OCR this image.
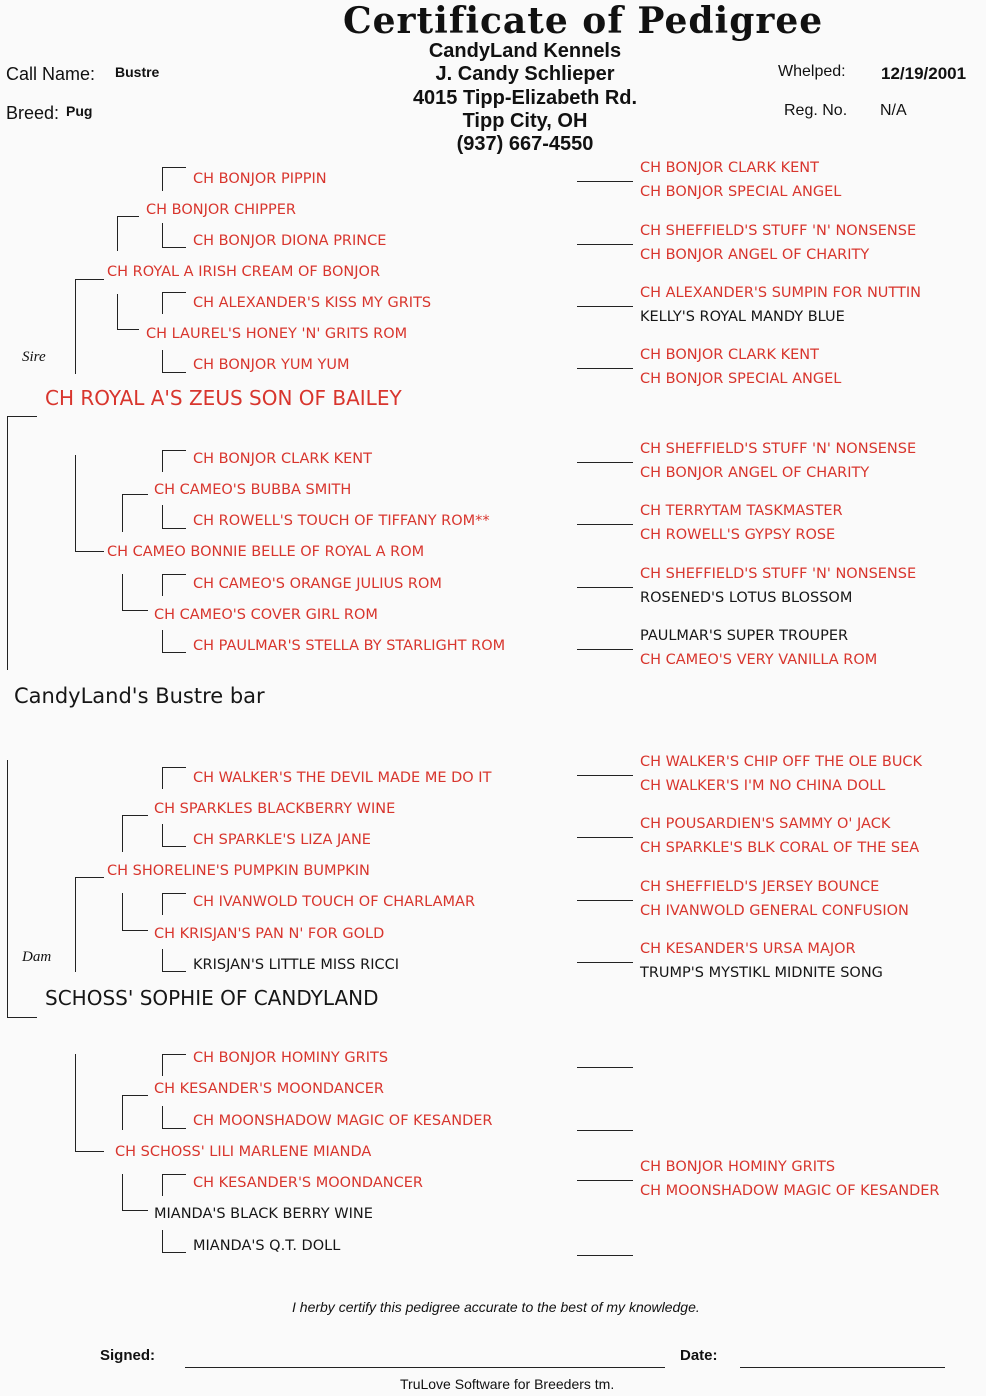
Certificate of Pedigree
CandyLand Kennels
J. Candy Schlieper
4015 Tipp-Elizabeth Rd.
Tipp City, OH
(937) 667-4550
Call Name: Bustre
Breed: Pug
Whelped: 12/19/2001
Reg. No. N/A
Sire
Dam
CH ROYAL A'S ZEUS SON OF BAILEY
CandyLand's Bustre bar
SCHOSS' SOPHIE OF CANDYLAND
CH BONJOR PIPPIN
CH BONJOR CHIPPER
CH BONJOR DIONA PRINCE
CH ROYAL A IRISH CREAM OF BONJOR
CH ALEXANDER'S KISS MY GRITS
CH LAUREL'S HONEY 'N' GRITS ROM
CH BONJOR YUM YUM
CH BONJOR CLARK KENT
CH CAMEO'S BUBBA SMITH
CH ROWELL'S TOUCH OF TIFFANY ROM**
CH CAMEO BONNIE BELLE OF ROYAL A ROM
CH CAMEO'S ORANGE JULIUS ROM
CH CAMEO'S COVER GIRL ROM
CH PAULMAR'S STELLA BY STARLIGHT ROM
CH WALKER'S THE DEVIL MADE ME DO IT
CH SPARKLES BLACKBERRY WINE
CH SPARKLE'S LIZA JANE
CH SHORELINE'S PUMPKIN BUMPKIN
CH IVANWOLD TOUCH OF CHARLAMAR
CH KRISJAN'S PAN N' FOR GOLD
KRISJAN'S LITTLE MISS RICCI
CH BONJOR HOMINY GRITS
CH KESANDER'S MOONDANCER
CH MOONSHADOW MAGIC OF KESANDER
CH SCHOSS' LILI MARLENE MIANDA
CH KESANDER'S MOONDANCER
MIANDA'S BLACK BERRY WINE
MIANDA'S Q.T. DOLL
CH BONJOR CLARK KENT
CH BONJOR SPECIAL ANGEL
CH SHEFFIELD'S STUFF 'N' NONSENSE
CH BONJOR ANGEL OF CHARITY
CH ALEXANDER'S SUMPIN FOR NUTTIN
KELLY'S ROYAL MANDY BLUE
CH BONJOR CLARK KENT
CH BONJOR SPECIAL ANGEL
CH SHEFFIELD'S STUFF 'N' NONSENSE
CH BONJOR ANGEL OF CHARITY
CH TERRYTAM TASKMASTER
CH ROWELL'S GYPSY ROSE
CH SHEFFIELD'S STUFF 'N' NONSENSE
ROSENED'S LOTUS BLOSSOM
PAULMAR'S SUPER TROUPER
CH CAMEO'S VERY VANILLA ROM
CH WALKER'S CHIP OFF THE OLE BUCK
CH WALKER'S I'M NO CHINA DOLL
CH POUSARDIEN'S SAMMY O' JACK
CH SPARKLE'S BLK CORAL OF THE SEA
CH SHEFFIELD'S JERSEY BOUNCE
CH IVANWOLD GENERAL CONFUSION
CH KESANDER'S URSA MAJOR
TRUMP'S MYSTIKL MIDNITE SONG
CH BONJOR HOMINY GRITS
CH MOONSHADOW MAGIC OF KESANDER
I herby certify this pedigree accurate to the best of my knowledge.
Signed:	Date:
TruLove Software for Breeders tm.
